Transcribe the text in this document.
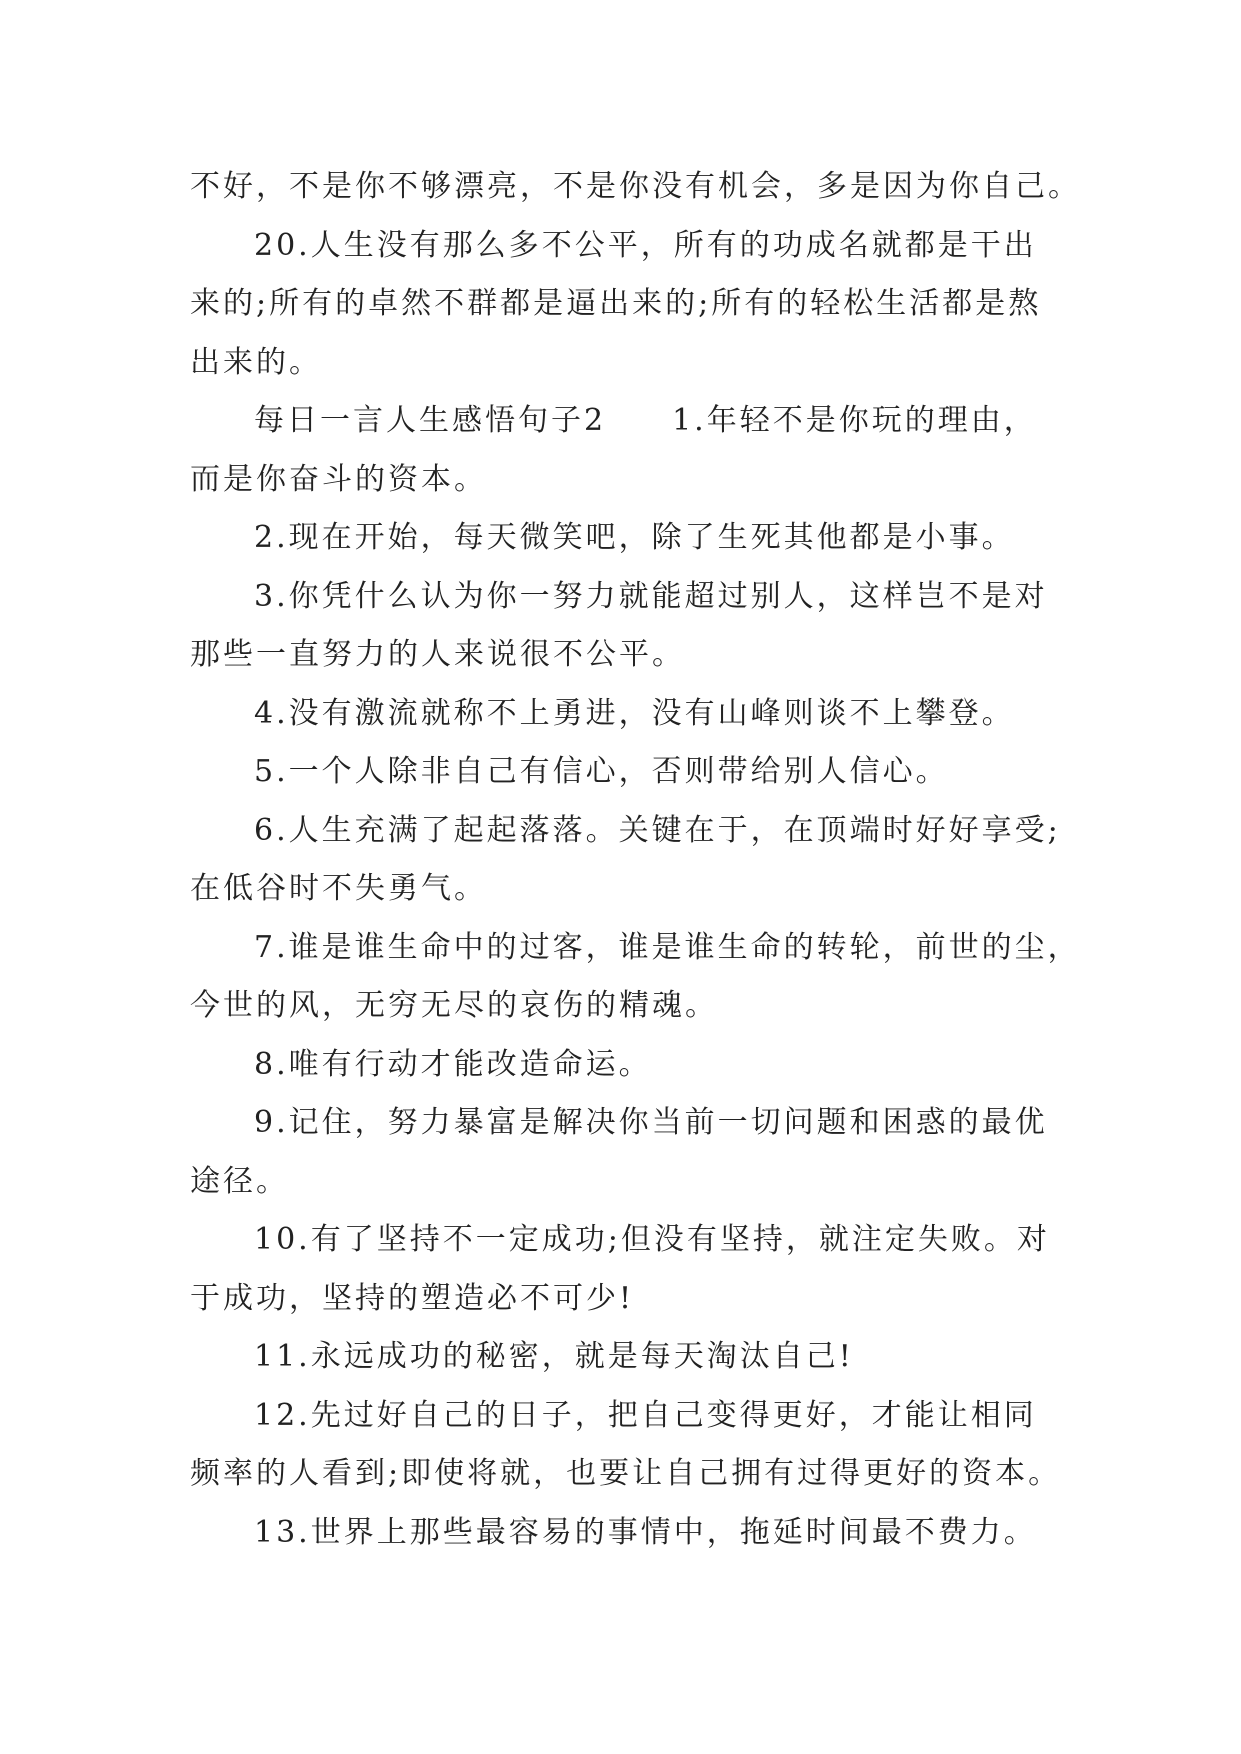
不好，不是你不够漂亮，不是你没有机会，多是因为你自己。

20.人生没有那么多不公平，所有的功成名就都是干出

来的;所有的卓然不群都是逼出来的;所有的轻松生活都是熬

出来的。

每日一言人生感悟句子2　　1.年轻不是你玩的理由，

而是你奋斗的资本。

2.现在开始，每天微笑吧，除了生死其他都是小事。

3.你凭什么认为你一努力就能超过别人，这样岂不是对

那些一直努力的人来说很不公平。

4.没有激流就称不上勇进，没有山峰则谈不上攀登。

5.一个人除非自己有信心，否则带给别人信心。

6.人生充满了起起落落。关键在于，在顶端时好好享受;

在低谷时不失勇气。

7.谁是谁生命中的过客，谁是谁生命的转轮，前世的尘，

今世的风，无穷无尽的哀伤的精魂。

8.唯有行动才能改造命运。

9.记住，努力暴富是解决你当前一切问题和困惑的最优

途径。

10.有了坚持不一定成功;但没有坚持，就注定失败。对

于成功，坚持的塑造必不可少!

11.永远成功的秘密，就是每天淘汰自己!

12.先过好自己的日子，把自己变得更好，才能让相同

频率的人看到;即使将就，也要让自己拥有过得更好的资本。

13.世界上那些最容易的事情中，拖延时间最不费力。
